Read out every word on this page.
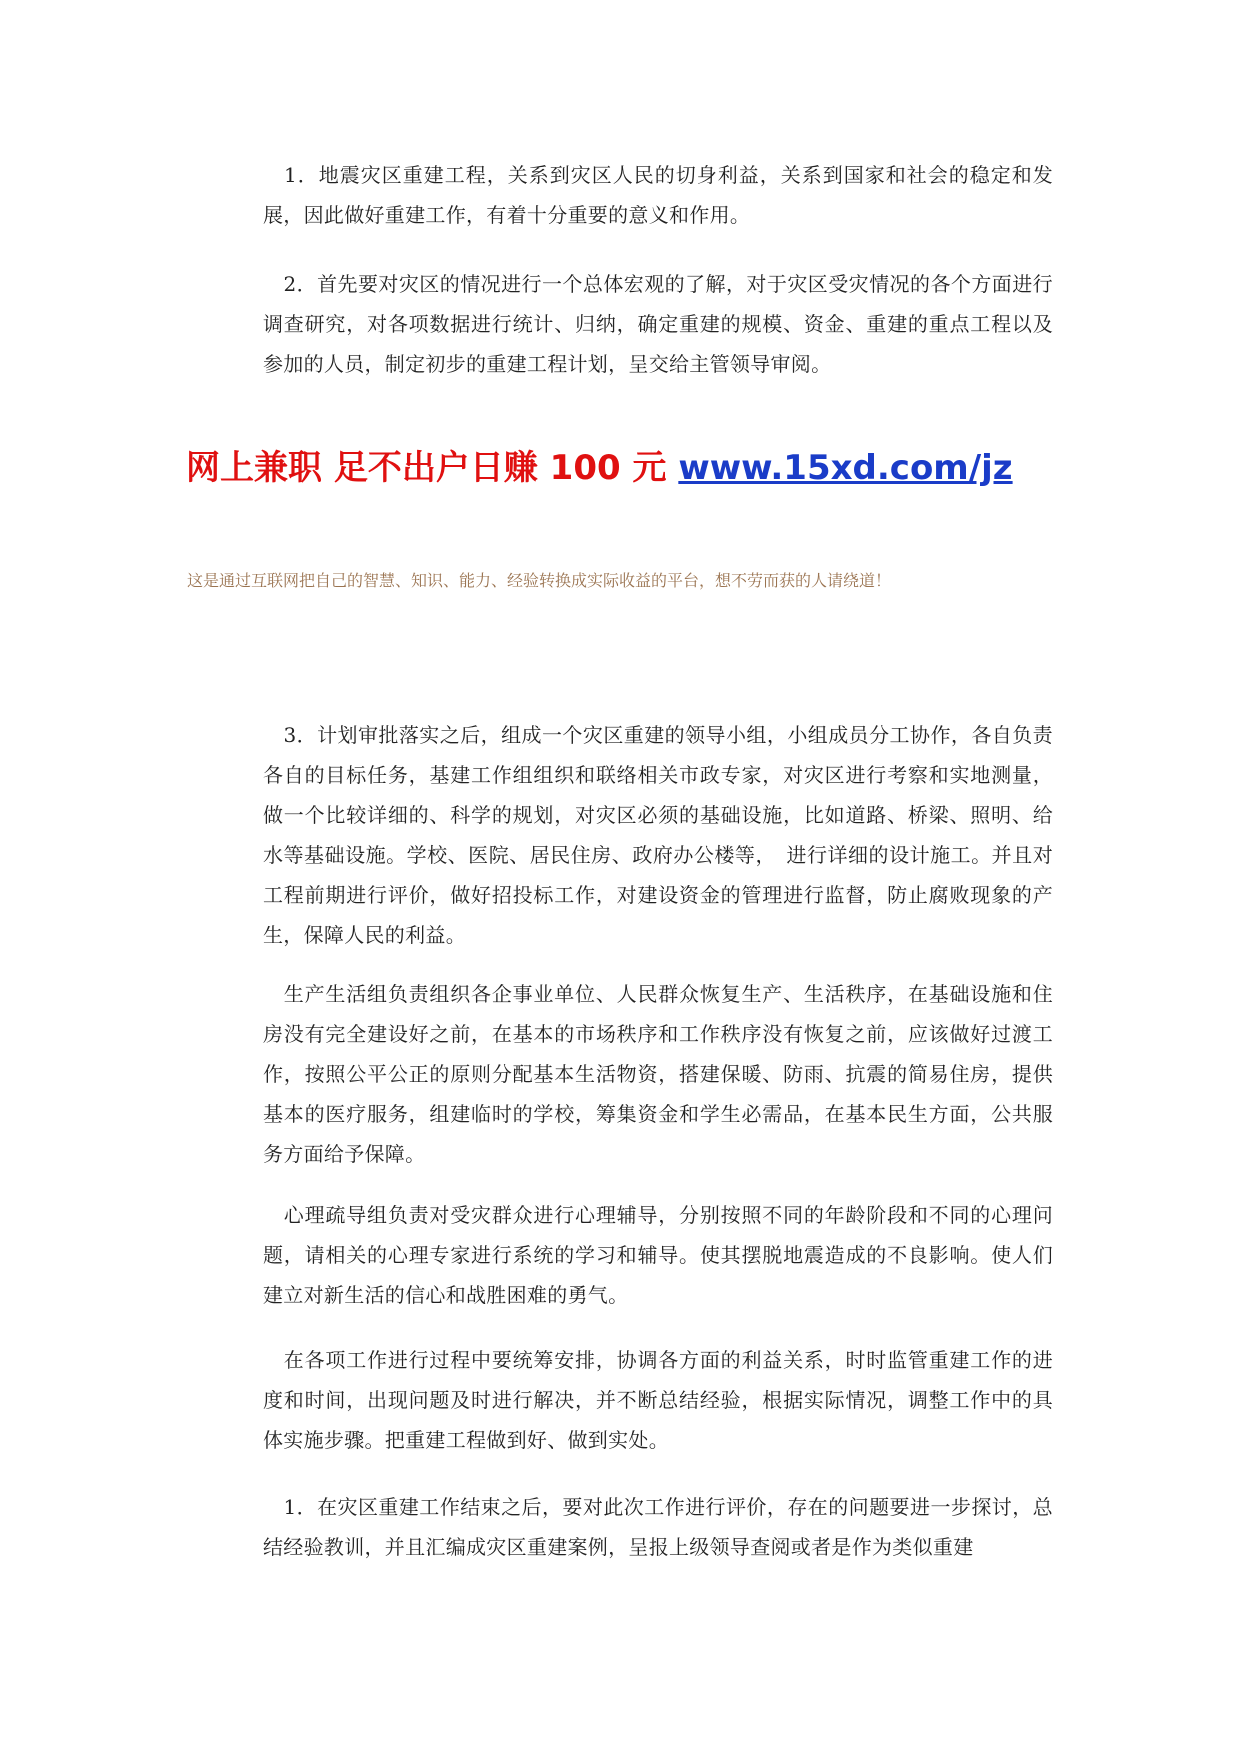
　1．地震灾区重建工程，关系到灾区人民的切身利益，关系到国家和社会的稳定和发展，因此做好重建工作，有着十分重要的意义和作用。

　2．首先要对灾区的情况进行一个总体宏观的了解，对于灾区受灾情况的各个方面进行调查研究，对各项数据进行统计、归纳，确定重建的规模、资金、重建的重点工程以及参加的人员，制定初步的重建工程计划，呈交给主管领导审阅。

网上兼职 足不出户日赚 100 元 www.15xd.com/jz

这是通过互联网把自己的智慧、知识、能力、经验转换成实际收益的平台，想不劳而获的人请绕道！

　3．计划审批落实之后，组成一个灾区重建的领导小组，小组成员分工协作，各自负责各自的目标任务，基建工作组组织和联络相关市政专家，对灾区进行考察和实地测量，做一个比较详细的、科学的规划，对灾区必须的基础设施，比如道路、桥梁、照明、给水等基础设施。学校、医院、居民住房、政府办公楼等，　进行详细的设计施工。并且对工程前期进行评价，做好招投标工作，对建设资金的管理进行监督，防止腐败现象的产生，保障人民的利益。

　生产生活组负责组织各企事业单位、人民群众恢复生产、生活秩序，在基础设施和住房没有完全建设好之前，在基本的市场秩序和工作秩序没有恢复之前，应该做好过渡工作，按照公平公正的原则分配基本生活物资，搭建保暖、防雨、抗震的简易住房，提供基本的医疗服务，组建临时的学校，筹集资金和学生必需品，在基本民生方面，公共服务方面给予保障。

　心理疏导组负责对受灾群众进行心理辅导，分别按照不同的年龄阶段和不同的心理问题，请相关的心理专家进行系统的学习和辅导。使其摆脱地震造成的不良影响。使人们建立对新生活的信心和战胜困难的勇气。

　在各项工作进行过程中要统筹安排，协调各方面的利益关系，时时监管重建工作的进度和时间，出现问题及时进行解决，并不断总结经验，根据实际情况，调整工作中的具体实施步骤。把重建工程做到好、做到实处。

　1．在灾区重建工作结束之后，要对此次工作进行评价，存在的问题要进一步探讨，总结经验教训，并且汇编成灾区重建案例，呈报上级领导查阅或者是作为类似重建
